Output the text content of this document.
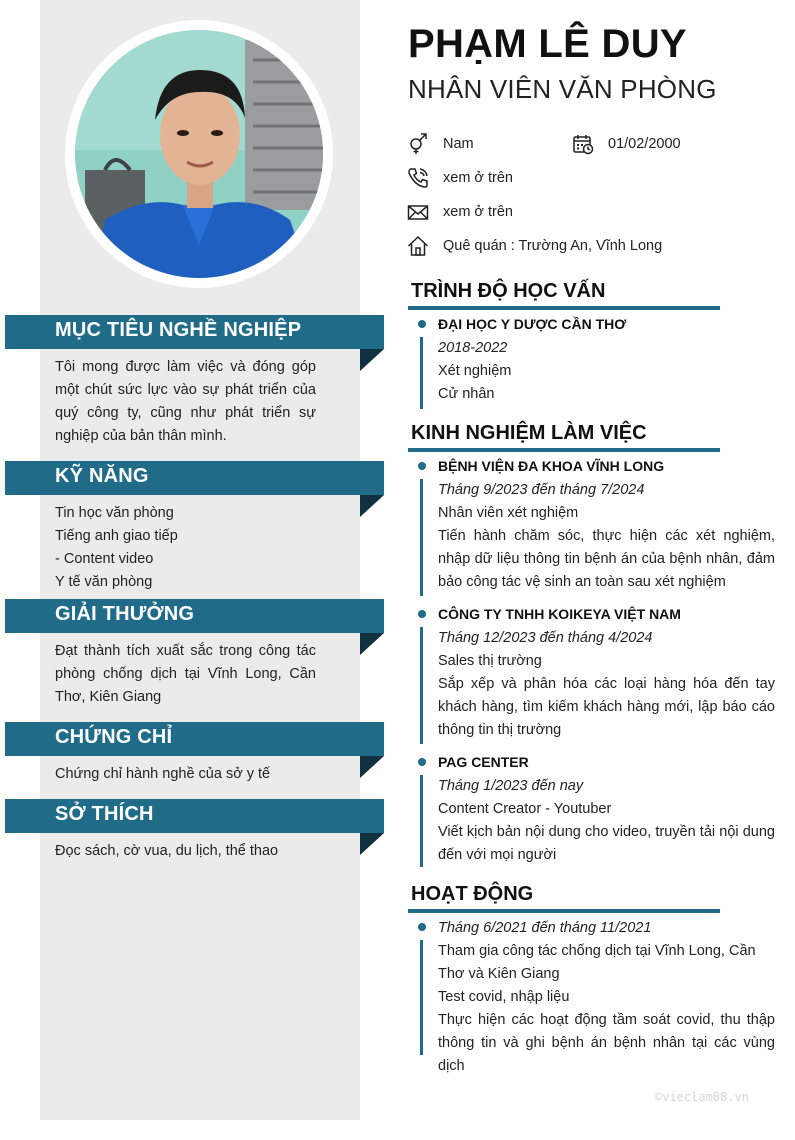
MỤC TIÊU NGHỀ NGHIỆP
Tôi mong được làm việc và đóng góp một chút sức lực vào sự phát triển của quý công ty, cũng như phát triển sự nghiệp của bản thân mình.
KỸ NĂNG
Tin học văn phòng
Tiếng anh giao tiếp
- Content video
Y tế văn phòng
GIẢI THƯỞNG
Đạt thành tích xuất sắc trong công tác phòng chống dịch tại Vĩnh Long, Cần Thơ, Kiên Giang
CHỨNG CHỈ
Chứng chỉ hành nghề của sở y tế
SỞ THÍCH
Đọc sách, cờ vua, du lịch, thể thao
PHẠM LÊ DUY
NHÂN VIÊN VĂN PHÒNG
Nam	01/02/2000
xem ở trên
xem ở trên
Quê quán : Trường An, Vĩnh Long
TRÌNH ĐỘ HỌC VẤN
ĐẠI HỌC Y DƯỢC CẦN THƠ
2018-2022
Xét nghiệm
Cử nhân
KINH NGHIỆM LÀM VIỆC
BỆNH VIỆN ĐA KHOA VĨNH LONG
Tháng 9/2023 đến tháng 7/2024
Nhân viên xét nghiệm
Tiến hành chăm sóc, thực hiện các xét nghiệm, nhập dữ liệu thông tin bệnh án của bệnh nhân, đảm bảo công tác vệ sinh an toàn sau xét nghiệm
CÔNG TY TNHH KOIKEYA VIỆT NAM
Tháng 12/2023 đến tháng 4/2024
Sales thị trường
Sắp xếp và phân hóa các loại hàng hóa đến tay khách hàng, tìm kiếm khách hàng mới, lập báo cáo thông tin thị trường
PAG CENTER
Tháng 1/2023 đến nay
Content Creator - Youtuber
Viết kịch bản nội dung cho video, truyền tải nội dung đến với mọi người
HOẠT ĐỘNG
Tháng 6/2021 đến tháng 11/2021
Tham gia công tác chống dịch tại Vĩnh Long, Cần Thơ và Kiên Giang
Test covid, nhập liệu
Thực hiện các hoạt động tầm soát covid, thu thập thông tin và ghi bệnh án bệnh nhân tại các vùng dịch
©vieclam88.vn
